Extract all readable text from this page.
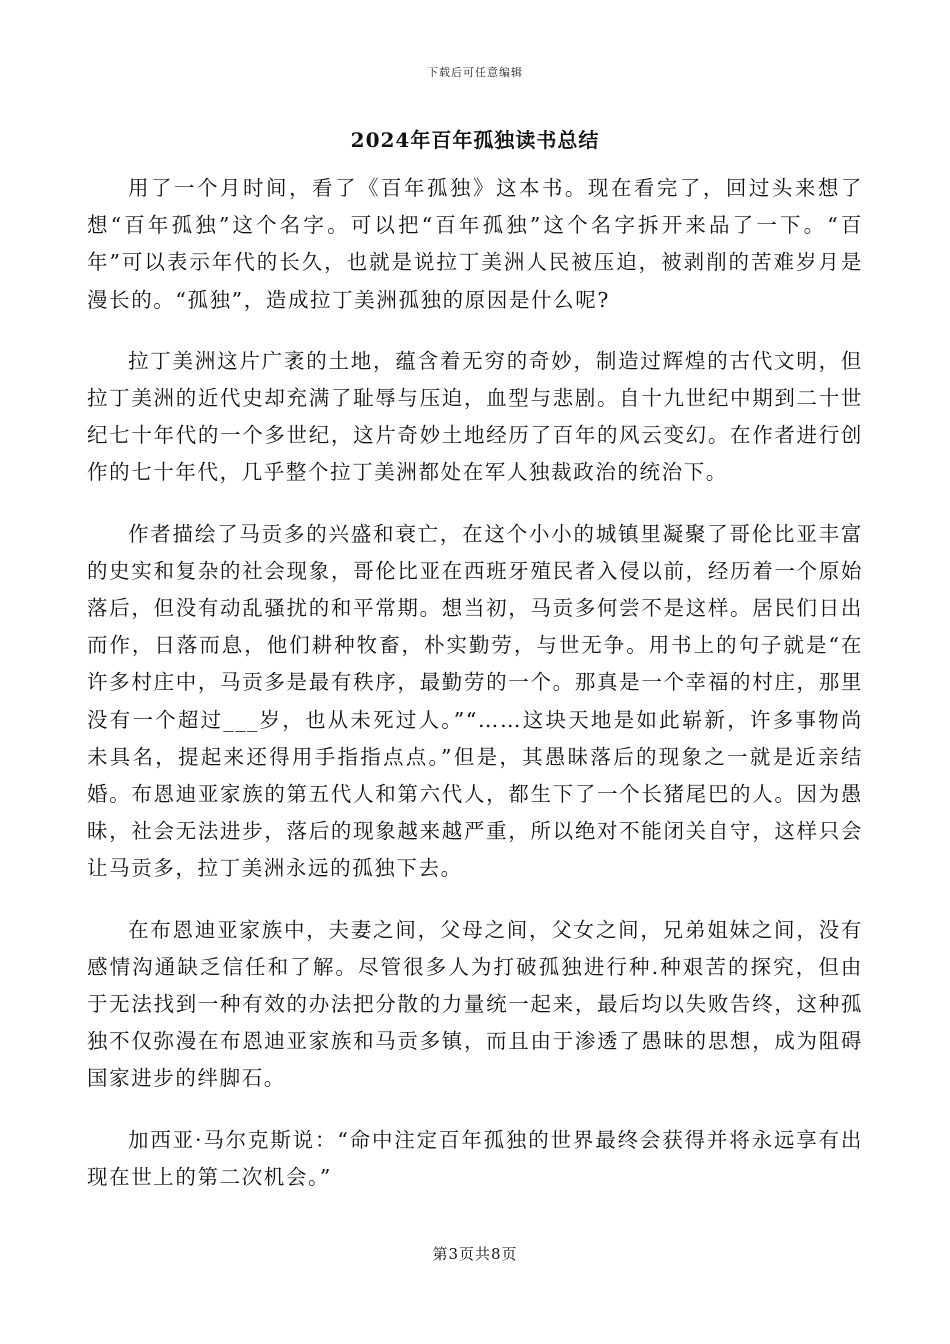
下载后可任意编辑
2024年百年孤独读书总结

用了一个月时间，看了《百年孤独》这本书。现在看完了，回过头来想了想“百年孤独”这个名字。可以把“百年孤独”这个名字拆开来品了一下。“百年”可以表示年代的长久，也就是说拉丁美洲人民被压迫，被剥削的苦难岁月是漫长的。“孤独”，造成拉丁美洲孤独的原因是什么呢?

拉丁美洲这片广袤的土地，蕴含着无穷的奇妙，制造过辉煌的古代文明，但拉丁美洲的近代史却充满了耻辱与压迫，血型与悲剧。自十九世纪中期到二十世纪七十年代的一个多世纪，这片奇妙土地经历了百年的风云变幻。在作者进行创作的七十年代，几乎整个拉丁美洲都处在军人独裁政治的统治下。

作者描绘了马贡多的兴盛和衰亡，在这个小小的城镇里凝聚了哥伦比亚丰富的史实和复杂的社会现象，哥伦比亚在西班牙殖民者入侵以前，经历着一个原始落后，但没有动乱骚扰的和平常期。想当初，马贡多何尝不是这样。居民们日出而作，日落而息，他们耕种牧畜，朴实勤劳，与世无争。用书上的句子就是“在许多村庄中，马贡多是最有秩序，最勤劳的一个。那真是一个幸福的村庄，那里没有一个超过___岁，也从未死过人。”“……这块天地是如此崭新，许多事物尚未具名，提起来还得用手指指点点。”但是，其愚昧落后的现象之一就是近亲结婚。布恩迪亚家族的第五代人和第六代人，都生下了一个长猪尾巴的人。因为愚昧，社会无法进步，落后的现象越来越严重，所以绝对不能闭关自守，这样只会让马贡多，拉丁美洲永远的孤独下去。

在布恩迪亚家族中，夫妻之间，父母之间，父女之间，兄弟姐妹之间，没有感情沟通缺乏信任和了解。尽管很多人为打破孤独进行种.种艰苦的探究，但由于无法找到一种有效的办法把分散的力量统一起来，最后均以失败告终，这种孤独不仅弥漫在布恩迪亚家族和马贡多镇，而且由于渗透了愚昧的思想，成为阻碍国家进步的绊脚石。

加西亚·马尔克斯说：“命中注定百年孤独的世界最终会获得并将永远享有出现在世上的第二次机会。”

第3页共8页
